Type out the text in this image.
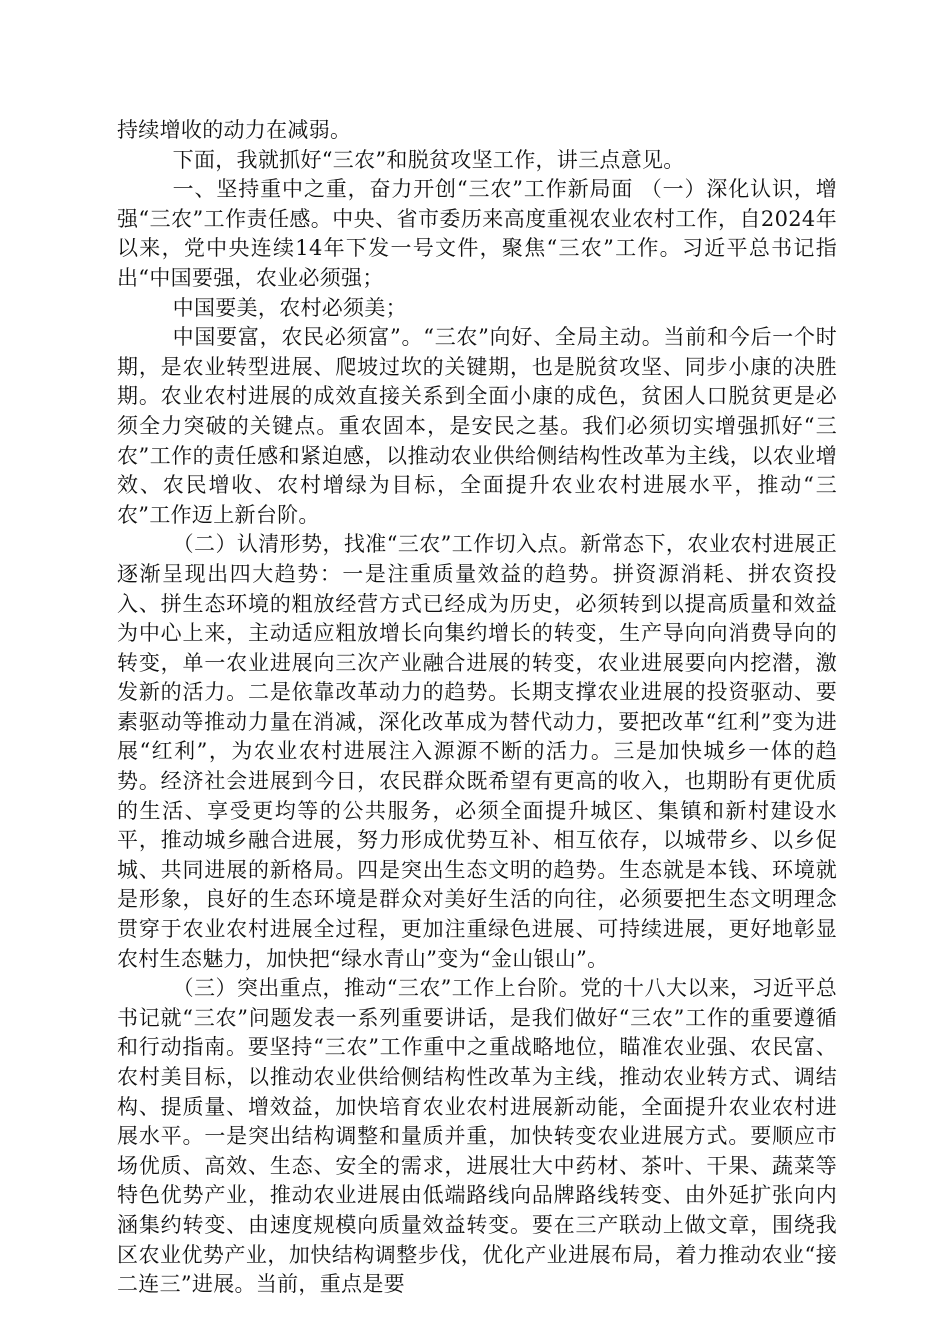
持续增收的动力在减弱。

下面，我就抓好“三农”和脱贫攻坚工作，讲三点意见。

一、坚持重中之重，奋力开创“三农”工作新局面 （一）深化认识，增强“三农”工作责任感。中央、省市委历来高度重视农业农村工作，自2024年以来，党中央连续14年下发一号文件，聚焦“三农”工作。习近平总书记指出“中国要强，农业必须强；

中国要美，农村必须美；

中国要富，农民必须富”。“三农”向好、全局主动。当前和今后一个时期，是农业转型进展、爬坡过坎的关键期，也是脱贫攻坚、同步小康的决胜期。农业农村进展的成效直接关系到全面小康的成色，贫困人口脱贫更是必须全力突破的关键点。重农固本，是安民之基。我们必须切实增强抓好“三农”工作的责任感和紧迫感，以推动农业供给侧结构性改革为主线，以农业增效、农民增收、农村增绿为目标，全面提升农业农村进展水平，推动“三农”工作迈上新台阶。

（二）认清形势，找准“三农”工作切入点。新常态下，农业农村进展正逐渐呈现出四大趋势：一是注重质量效益的趋势。拼资源消耗、拼农资投入、拼生态环境的粗放经营方式已经成为历史，必须转到以提高质量和效益为中心上来，主动适应粗放增长向集约增长的转变，生产导向向消费导向的转变，单一农业进展向三次产业融合进展的转变，农业进展要向内挖潜，激发新的活力。二是依靠改革动力的趋势。长期支撑农业进展的投资驱动、要素驱动等推动力量在消减，深化改革成为替代动力，要把改革“红利”变为进展“红利”，为农业农村进展注入源源不断的活力。三是加快城乡一体的趋势。经济社会进展到今日，农民群众既希望有更高的收入，也期盼有更优质的生活、享受更均等的公共服务，必须全面提升城区、集镇和新村建设水平，推动城乡融合进展，努力形成优势互补、相互依存，以城带乡、以乡促城、共同进展的新格局。四是突出生态文明的趋势。生态就是本钱、环境就是形象，良好的生态环境是群众对美好生活的向往，必须要把生态文明理念贯穿于农业农村进展全过程，更加注重绿色进展、可持续进展，更好地彰显农村生态魅力，加快把“绿水青山”变为“金山银山”。

（三）突出重点，推动“三农”工作上台阶。党的十八大以来，习近平总书记就“三农”问题发表一系列重要讲话，是我们做好“三农”工作的重要遵循和行动指南。要坚持“三农”工作重中之重战略地位，瞄准农业强、农民富、农村美目标，以推动农业供给侧结构性改革为主线，推动农业转方式、调结构、提质量、增效益，加快培育农业农村进展新动能，全面提升农业农村进展水平。一是突出结构调整和量质并重，加快转变农业进展方式。要顺应市场优质、高效、生态、安全的需求，进展壮大中药材、茶叶、干果、蔬菜等特色优势产业，推动农业进展由低端路线向品牌路线转变、由外延扩张向内涵集约转变、由速度规模向质量效益转变。要在三产联动上做文章，围绕我区农业优势产业，加快结构调整步伐，优化产业进展布局，着力推动农业“接二连三”进展。当前，重点是要
